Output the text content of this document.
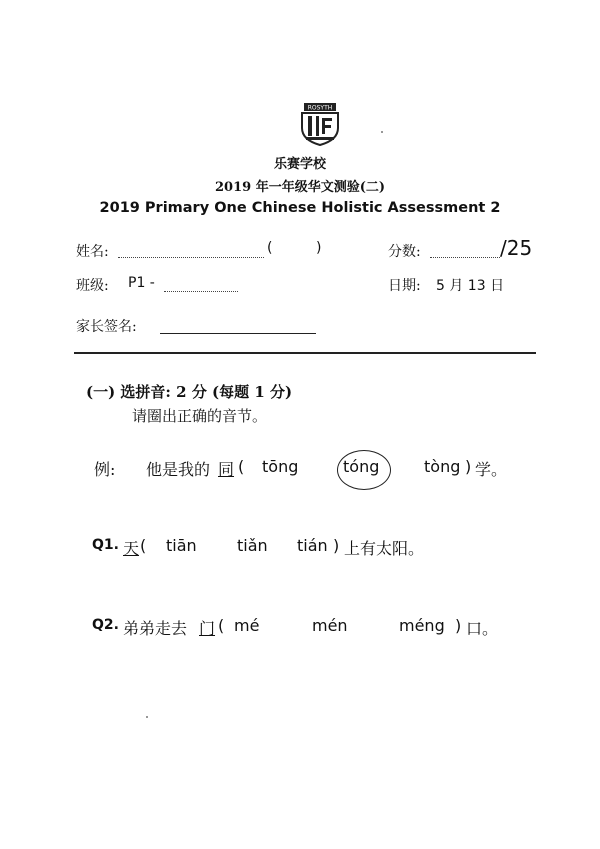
ROSYTH
乐赛学校
2019 年一年级华文测验(二)
2019 Primary One Chinese Holistic Assessment 2
姓名:	(	)	分数:	/25
班级: P1 -	日期: 5 月 13 日
家长签名:
(一) 选拼音: 2 分 (每题 1 分)
请圈出正确的音节。
例: 他是我的 同 ( tōng	tóng	tòng ) 学。
Q1. 天 ( tiān	tiǎn tián ) 上有太阳。
Q2. 弟弟走去 门 ( mé	mén	méng ) 口。
